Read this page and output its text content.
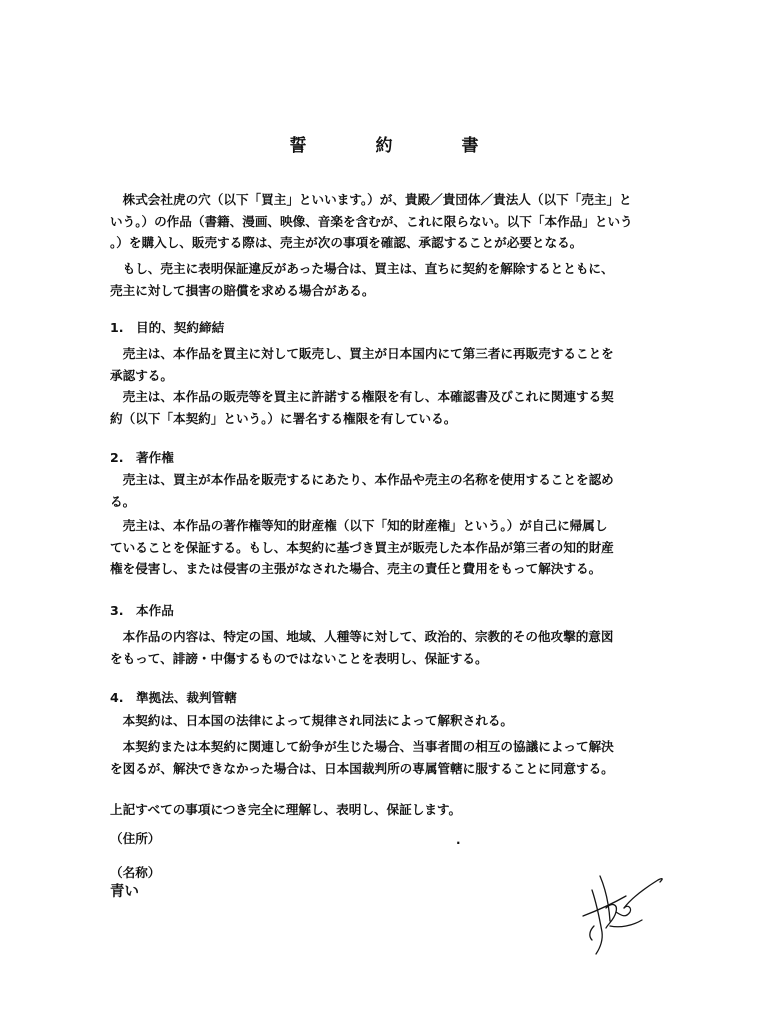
誓　約　書
株式会社虎の穴（以下「買主」といいます。）が、貴殿／貴団体／貴法人（以下「売主」と
いう。）の作品（書籍、漫画、映像、音楽を含むが、これに限らない。以下「本作品」という
。）を購入し、販売する際は、売主が次の事項を確認、承認することが必要となる。
もし、売主に表明保証違反があった場合は、買主は、直ちに契約を解除するとともに、
売主に対して損害の賠償を求める場合がある。
1. 目的、契約締結
売主は、本作品を買主に対して販売し、買主が日本国内にて第三者に再販売することを
承認する。
売主は、本作品の販売等を買主に許諾する権限を有し、本確認書及びこれに関連する契
約（以下「本契約」という。）に署名する権限を有している。
2. 著作権
売主は、買主が本作品を販売するにあたり、本作品や売主の名称を使用することを認め
る。
売主は、本作品の著作権等知的財産権（以下「知的財産権」という。）が自己に帰属し
ていることを保証する。もし、本契約に基づき買主が販売した本作品が第三者の知的財産
権を侵害し、または侵害の主張がなされた場合、売主の責任と費用をもって解決する。
3. 本作品
本作品の内容は、特定の国、地域、人種等に対して、政治的、宗教的その他攻撃的意図
をもって、誹謗・中傷するものではないことを表明し、保証する。
4. 準拠法、裁判管轄
本契約は、日本国の法律によって規律され同法によって解釈される。
本契約または本契約に関連して紛争が生じた場合、当事者間の相互の協議によって解決
を図るが、解決できなかった場合は、日本国裁判所の専属管轄に服することに同意する。
上記すべての事項につき完全に理解し、表明し、保証します。
（住所）	.
（名称）
青い
